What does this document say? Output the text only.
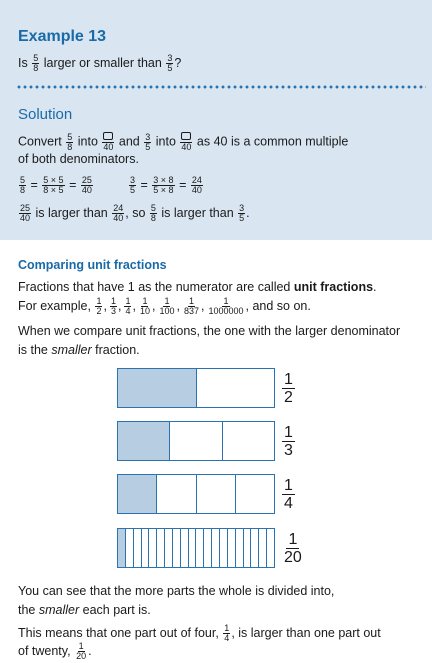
Example 13
Is $\frac{5}{8}$ larger or smaller than $\frac{3}{5}$ ?
Solution
Convert $\frac{5}{8}$ into 40 and $\frac{3}{5}$ into 40 as 40 is a common multiple
of both denominators.
$\frac{5}{8} = \frac{5 \times 5}{8 \times 5} = \frac{25}{40}$	$\frac{3}{5} = \frac{3 \times 8}{5 \times 8} = \frac{24}{40}$
$\frac{25}{40}$ is larger than $\frac{24}{40}$ , so $\frac{5}{8}$ is larger than $\frac{3}{5}$ .
Comparing unit fractions
Fractions that have 1 as the numerator are called unit fractions.
For example, $\frac{1}{2}$ , $\frac{1}{3}$ , $\frac{1}{4}$ , $\frac{1}{10}$ , $\frac{1}{100}$ , $\frac{1}{837}$ , $\frac{1}{1000000}$ , and so on.
When we compare unit fractions, the one with the larger denominator
is the smaller fraction.
$\frac{1}{2}$
$\frac{1}{3}$
$\frac{1}{4}$
$\frac{1}{20}$
You can see that the more parts the whole is divided into,
the smaller each part is.
This means that one part out of four, $\frac{1}{4}$ , is larger than one part out
of twenty, $\frac{1}{20}$ .
